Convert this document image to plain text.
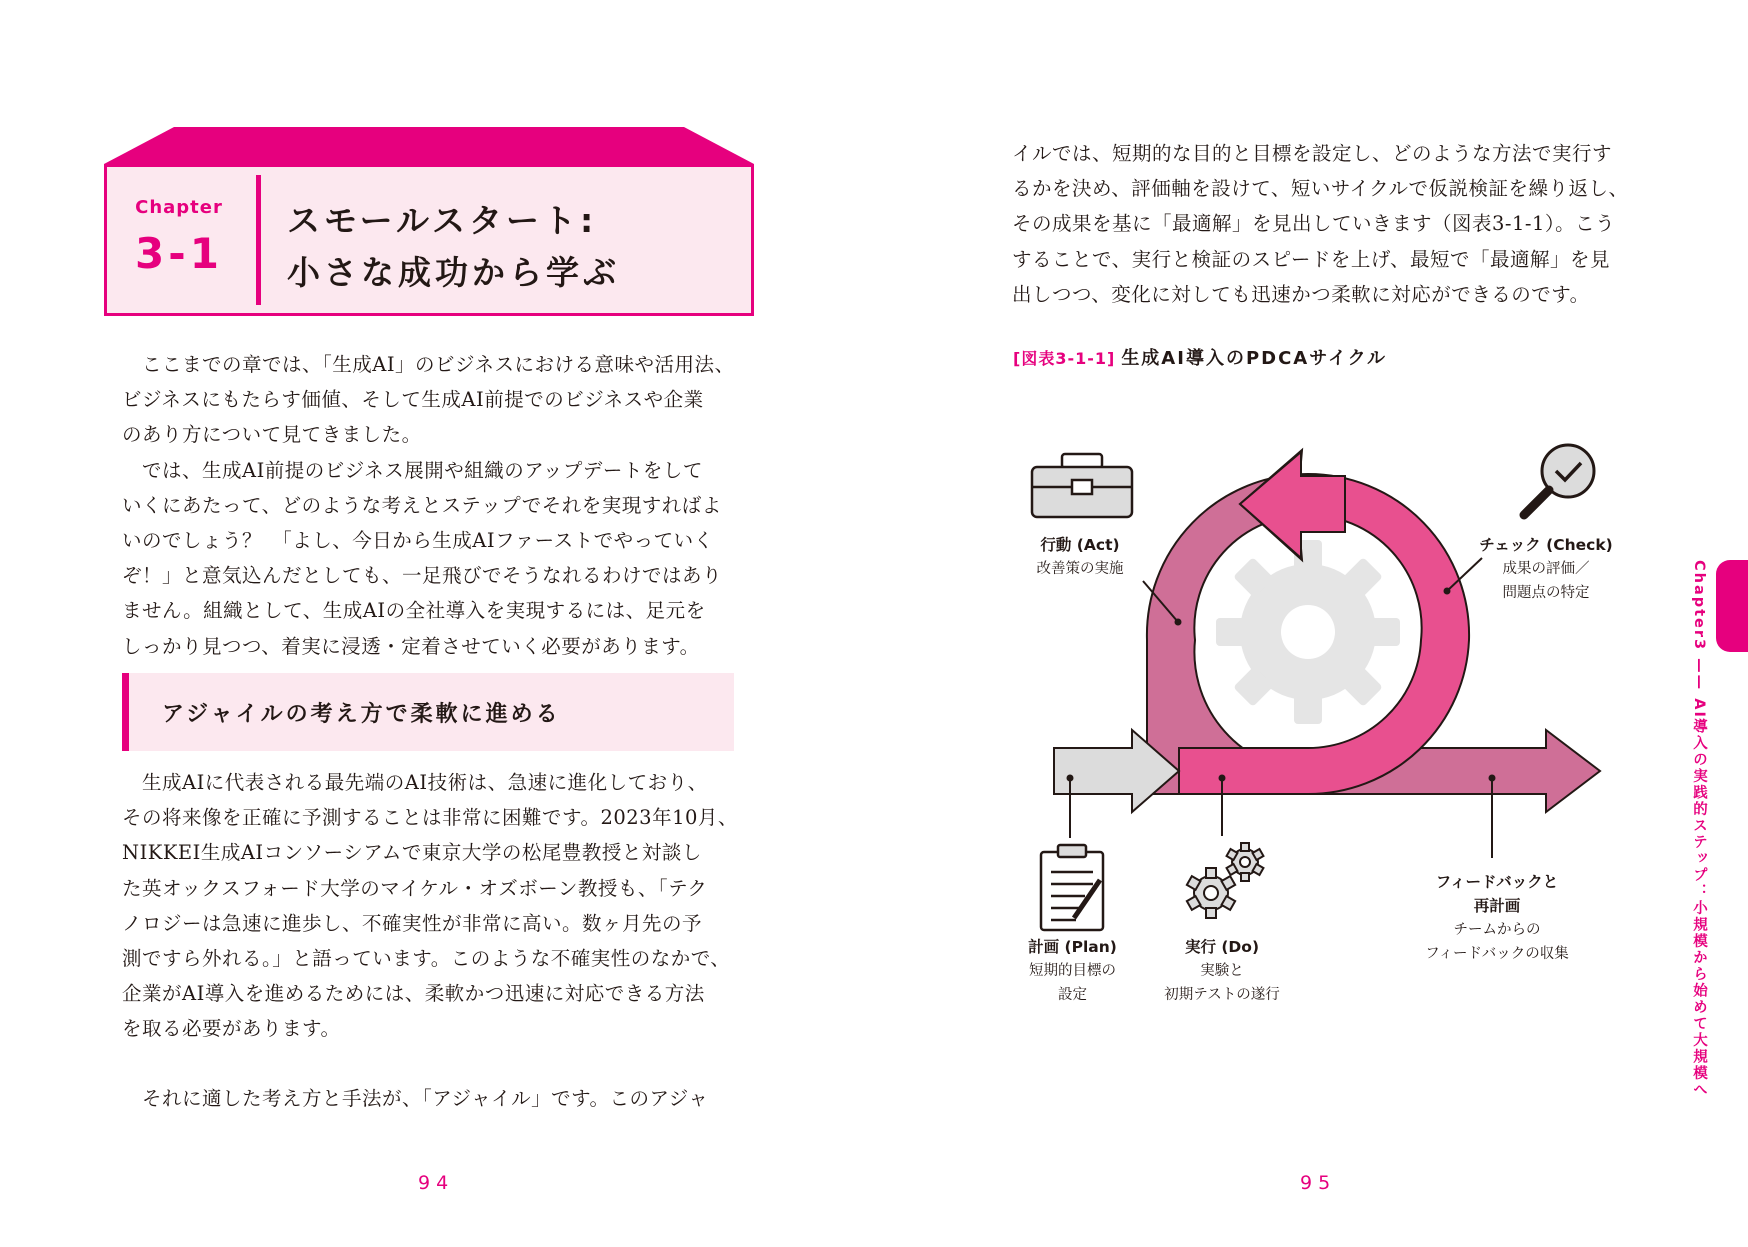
Chapter
3-1
スモールスタート:
小さな成功から学ぶ
　ここまでの章では、「生成AI」のビジネスにおける意味や活用法、
ビジネスにもたらす価値、そして生成AI前提でのビジネスや企業
のあり方について見てきました。
　では、生成AI前提のビジネス展開や組織のアップデートをして
いくにあたって、どのような考えとステップでそれを実現すればよ
いのでしょう？　「よし、今日から生成AIファーストでやっていく
ぞ！」と意気込んだとしても、一足飛びでそうなれるわけではあり
ません。組織として、生成AIの全社導入を実現するには、足元を
しっかり見つつ、着実に浸透・定着させていく必要があります。
アジャイルの考え方で柔軟に進める
　生成AIに代表される最先端のAI技術は、急速に進化しており、
その将来像を正確に予測することは非常に困難です。2023年10月、
NIKKEI生成AIコンソーシアムで東京大学の松尾豊教授と対談し
た英オックスフォード大学のマイケル・オズボーン教授も、「テク
ノロジーは急速に進歩し、不確実性が非常に高い。数ヶ月先の予
測ですら外れる。」と語っています。このような不確実性のなかで、
企業がAI導入を進めるためには、柔軟かつ迅速に対応できる方法
を取る必要があります。
　それに適した考え方と手法が、「アジャイル」です。このアジャ
94
イルでは、短期的な目的と目標を設定し、どのような方法で実行す
るかを決め、評価軸を設けて、短いサイクルで仮説検証を繰り返し、
その成果を基に「最適解」を見出していきます（図表3-1-1）。こう
することで、実行と検証のスピードを上げ、最短で「最適解」を見
出しつつ、変化に対しても迅速かつ柔軟に対応ができるのです。
[図表3-1-1] 生成AI導入のPDCAサイクル
行動 (Act)
改善策の実施
チェック (Check)
成果の評価／
問題点の特定
計画 (Plan)
短期的目標の
設定
実行 (Do)
実験と
初期テストの遂行
フィードバックと
再計画
チームからの
フィードバックの収集
95
Chapter3 —— AI導入の実践的ステップ：小規模から始めて大規模へ
